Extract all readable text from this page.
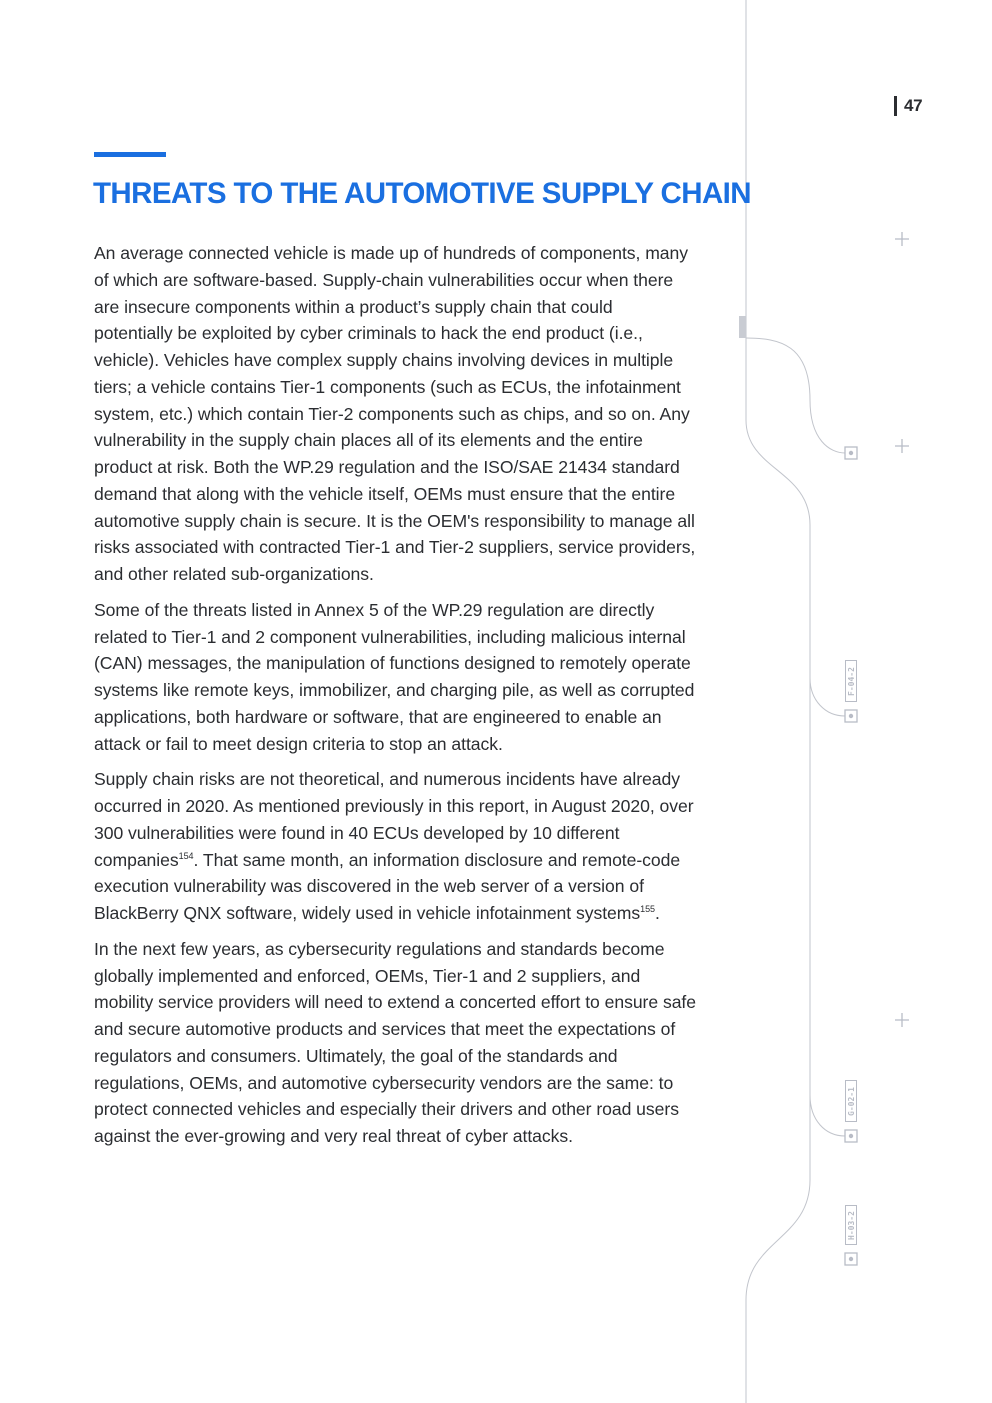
F-04-2
G-02-1
H-03-2
47
THREATS TO THE AUTOMOTIVE SUPPLY CHAIN

An average connected vehicle is made up of hundreds of components, many of which are software-based. Supply-chain vulnerabilities occur when there are insecure components within a product’s supply chain that could potentially be exploited by cyber criminals to hack the end product (i.e., vehicle). Vehicles have complex supply chains involving devices in multiple tiers; a vehicle contains Tier-1 components (such as ECUs, the infotainment system, etc.) which contain Tier-2 components such as chips, and so on. Any vulnerability in the supply chain places all of its elements and the entire product at risk. Both the WP.29 regulation and the ISO/SAE 21434 standard demand that along with the vehicle itself, OEMs must ensure that the entire automotive supply chain is secure. It is the OEM's responsibility to manage all risks associated with contracted Tier-1 and Tier-2 suppliers, service providers, and other related sub-organizations.

Some of the threats listed in Annex 5 of the WP.29 regulation are directly related to Tier-1 and 2 component vulnerabilities, including malicious internal (CAN) messages, the manipulation of functions designed to remotely operate systems like remote keys, immobilizer, and charging pile, as well as corrupted applications, both hardware or software, that are engineered to enable an attack or fail to meet design criteria to stop an attack.

Supply chain risks are not theoretical, and numerous incidents have already occurred in 2020. As mentioned previously in this report, in August 2020, over 300 vulnerabilities were found in 40 ECUs developed by 10 different companies$^{154}$. That same month, an information disclosure and remote-code execution vulnerability was discovered in the web server of a version of BlackBerry QNX software, widely used in vehicle infotainment systems$^{155}$.

In the next few years, as cybersecurity regulations and standards become globally implemented and enforced, OEMs, Tier-1 and 2 suppliers, and mobility service providers will need to extend a concerted effort to ensure safe and secure automotive products and services that meet the expectations of regulators and consumers. Ultimately, the goal of the standards and regulations, OEMs, and automotive cybersecurity vendors are the same: to protect connected vehicles and especially their drivers and other road users against the ever-growing and very real threat of cyber attacks.
